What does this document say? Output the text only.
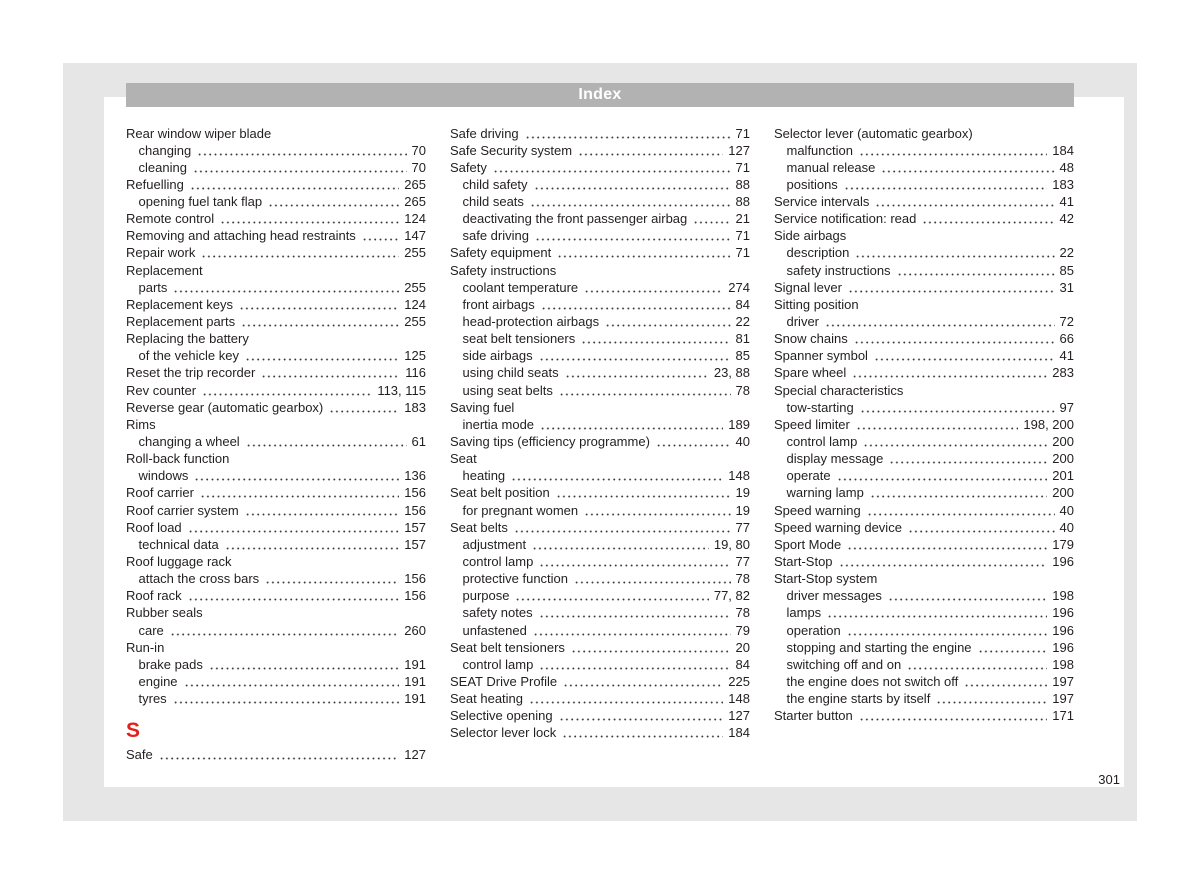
Index
Rear window wiper blade
changing	70
cleaning	70
Refuelling	265
opening fuel tank flap	265
Remote control	124
Removing and attaching head restraints	147
Repair work	255
Replacement
parts	255
Replacement keys	124
Replacement parts	255
Replacing the battery
of the vehicle key	125
Reset the trip recorder	116
Rev counter	113, 115
Reverse gear (automatic gearbox)	183
Rims
changing a wheel	61
Roll-back function
windows	136
Roof carrier	156
Roof carrier system	156
Roof load	157
technical data	157
Roof luggage rack
attach the cross bars	156
Roof rack	156
Rubber seals
care	260
Run-in
brake pads	191
engine	191
tyres	191
S
Safe	127
Safe driving	71
Safe Security system	127
Safety	71
child safety	88
child seats	88
deactivating the front passenger airbag	21
safe driving	71
Safety equipment	71
Safety instructions
coolant temperature	274
front airbags	84
head-protection airbags	22
seat belt tensioners	81
side airbags	85
using child seats	23, 88
using seat belts	78
Saving fuel
inertia mode	189
Saving tips (efficiency programme)	40
Seat
heating	148
Seat belt position	19
for pregnant women	19
Seat belts	77
adjustment	19, 80
control lamp	77
protective function	78
purpose	77, 82
safety notes	78
unfastened	79
Seat belt tensioners	20
control lamp	84
SEAT Drive Profile	225
Seat heating	148
Selective opening	127
Selector lever lock	184
Selector lever (automatic gearbox)
malfunction	184
manual release	48
positions	183
Service intervals	41
Service notification: read	42
Side airbags
description	22
safety instructions	85
Signal lever	31
Sitting position
driver	72
Snow chains	66
Spanner symbol	41
Spare wheel	283
Special characteristics
tow-starting	97
Speed limiter	198, 200
control lamp	200
display message	200
operate	201
warning lamp	200
Speed warning	40
Speed warning device	40
Sport Mode	179
Start-Stop	196
Start-Stop system
driver messages	198
lamps	196
operation	196
stopping and starting the engine	196
switching off and on	198
the engine does not switch off	197
the engine starts by itself	197
Starter button	171
301
